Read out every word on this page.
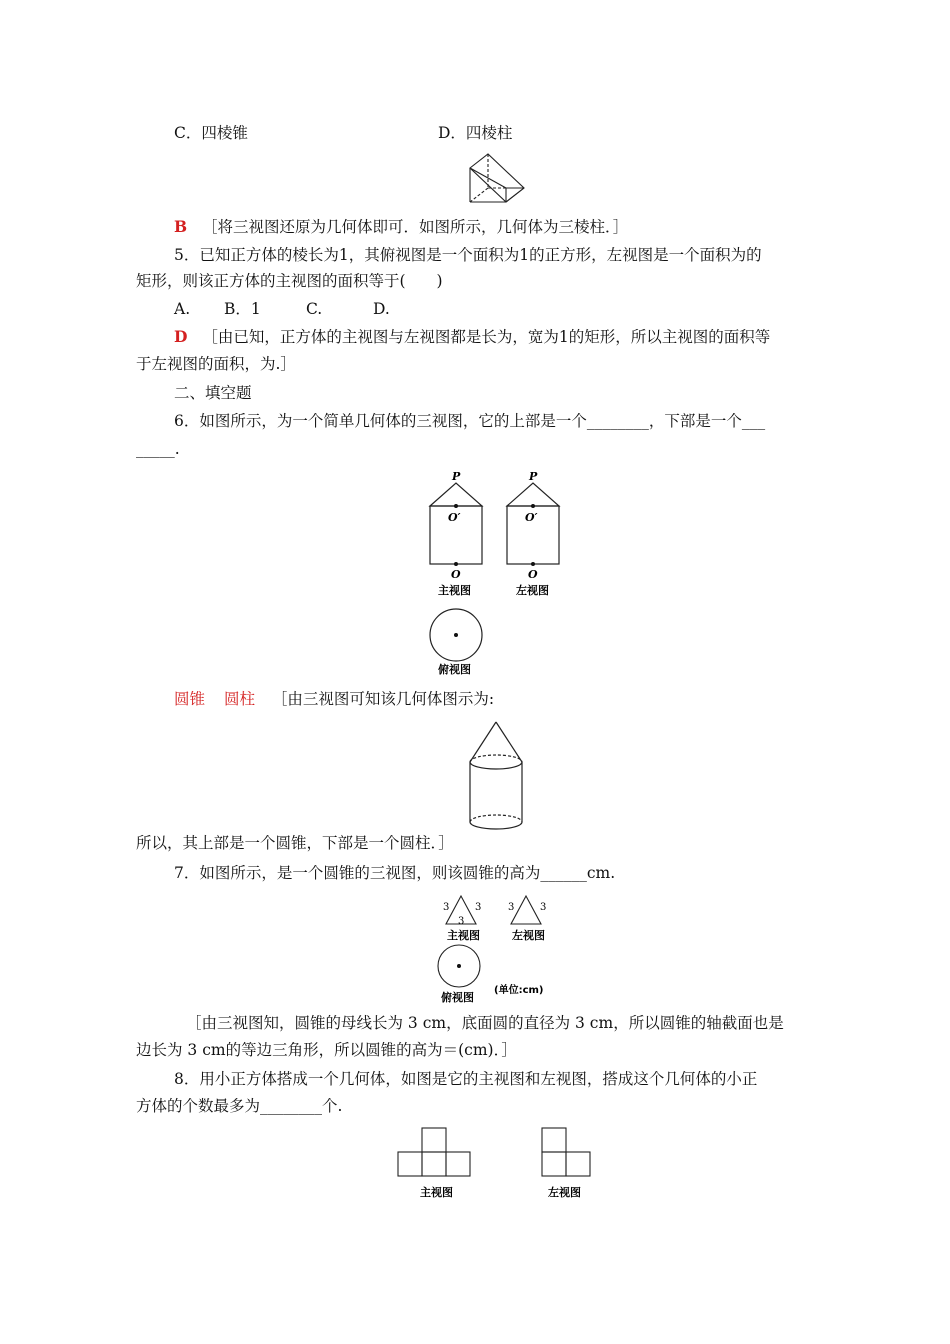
C．四棱锥	D．四棱柱
B ［将三视图还原为几何体即可．如图所示，几何体为三棱柱．］
5．已知正方体的棱长为1，其俯视图是一个面积为1的正方形，左视图是一个面积为的
矩形，则该正方体的主视图的面积等于(　　)
A. B．1	C.	D.
D ［由已知，正方体的主视图与左视图都是长为，宽为1的矩形，所以主视图的面积等
于左视图的面积，为.］
二、填空题
6．如图所示，为一个简单几何体的三视图，它的上部是一个________，下部是一个___
_____.
P
O′
O
P
O′
O
主视图	左视图
俯视图
圆锥 圆柱 ［由三视图可知该几何体图示为:
所以，其上部是一个圆锥，下部是一个圆柱．］
7．如图所示，是一个圆锥的三视图，则该圆锥的高为______cm.
3	3
3
3	3
主视图	左视图
俯视图
(单位:cm)
［由三视图知，圆锥的母线长为 3 cm，底面圆的直径为 3 cm，所以圆锥的轴截面也是
边长为 3 cm的等边三角形，所以圆锥的高为＝(cm)．］
8．用小正方体搭成一个几何体，如图是它的主视图和左视图，搭成这个几何体的小正
方体的个数最多为________个.
主视图	左视图
